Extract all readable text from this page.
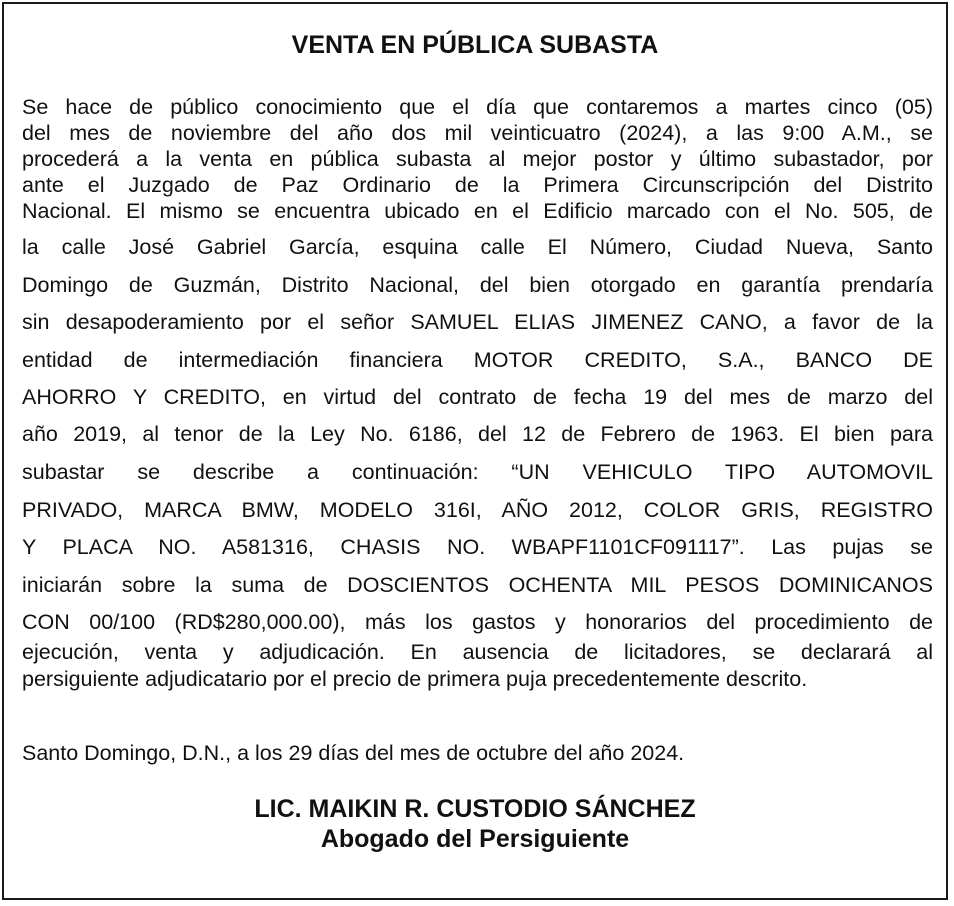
VENTA EN PÚBLICA SUBASTA
Se hace de público conocimiento que el día que contaremos a martes cinco (05)
del mes de noviembre del año dos mil veinticuatro (2024), a las 9:00 A.M., se
procederá a la venta en pública subasta al mejor postor y último subastador, por
ante el Juzgado de Paz Ordinario de la Primera Circunscripción del Distrito
Nacional. El mismo se encuentra ubicado en el Edificio marcado con el No. 505, de
la calle José Gabriel García, esquina calle El Número, Ciudad Nueva, Santo
Domingo de Guzmán, Distrito Nacional, del bien otorgado en garantía prendaría
sin desapoderamiento por el señor SAMUEL ELIAS JIMENEZ CANO, a favor de la
entidad de intermediación financiera MOTOR CREDITO, S.A., BANCO DE
AHORRO Y CREDITO, en virtud del contrato de fecha 19 del mes de marzo del
año 2019, al tenor de la Ley No. 6186, del 12 de Febrero de 1963. El bien para
subastar se describe a continuación: “UN VEHICULO TIPO AUTOMOVIL
PRIVADO, MARCA BMW, MODELO 316I, AÑO 2012, COLOR GRIS, REGISTRO
Y PLACA NO. A581316, CHASIS NO. WBAPF1101CF091117”. Las pujas se
iniciarán sobre la suma de DOSCIENTOS OCHENTA MIL PESOS DOMINICANOS
CON 00/100 (RD$280,000.00), más los gastos y honorarios del procedimiento de
ejecución, venta y adjudicación. En ausencia de licitadores, se declarará al
persiguiente adjudicatario por el precio de primera puja precedentemente descrito.
Santo Domingo, D.N., a los 29 días del mes de octubre del año 2024.
LIC. MAIKIN R. CUSTODIO SÁNCHEZ
Abogado del Persiguiente
